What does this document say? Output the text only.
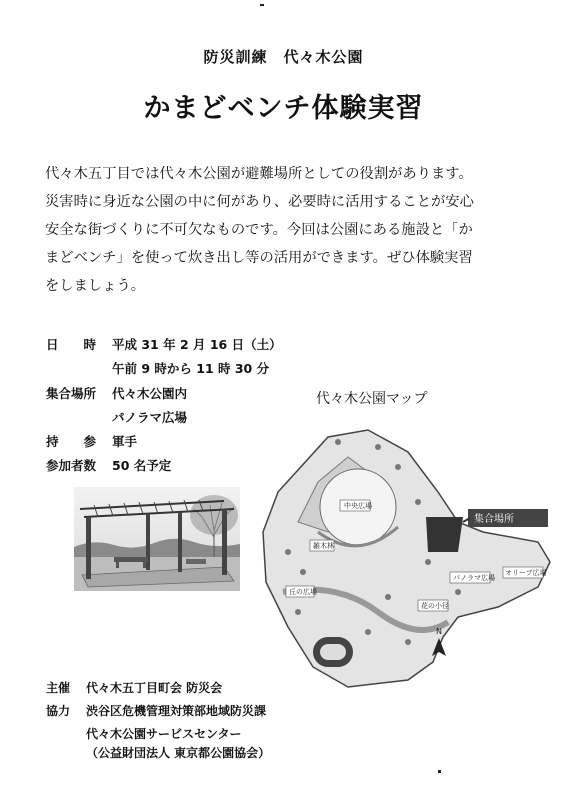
防災訓練　代々木公園
かまどベンチ体験実習

代々木五丁目では代々木公園が避難場所としての役割があります。

災害時に身近な公園の中に何があり、必要時に活用することが安心

安全な街づくりに不可欠なものです。今回は公園にある施設と「か

まどベンチ」を使って炊き出し等の活用ができます。ぜひ体験実習

をしましょう。

日　　時	平成 31 年 2 月 16 日（土）
午前 9 時から 11 時 30 分
集合場所	代々木公園内
パノラマ広場
持　　参	軍手
参加者数	50 名予定
代々木公園マップ
中央広場
パノラマ広場
オリーブ広場
花の小径
丘の広場
雑木林
集合場所
N
主催 代々木五丁目町会 防災会
協力 渋谷区危機管理対策部地域防災課
代々木公園サービスセンター
（公益財団法人 東京都公園協会）
